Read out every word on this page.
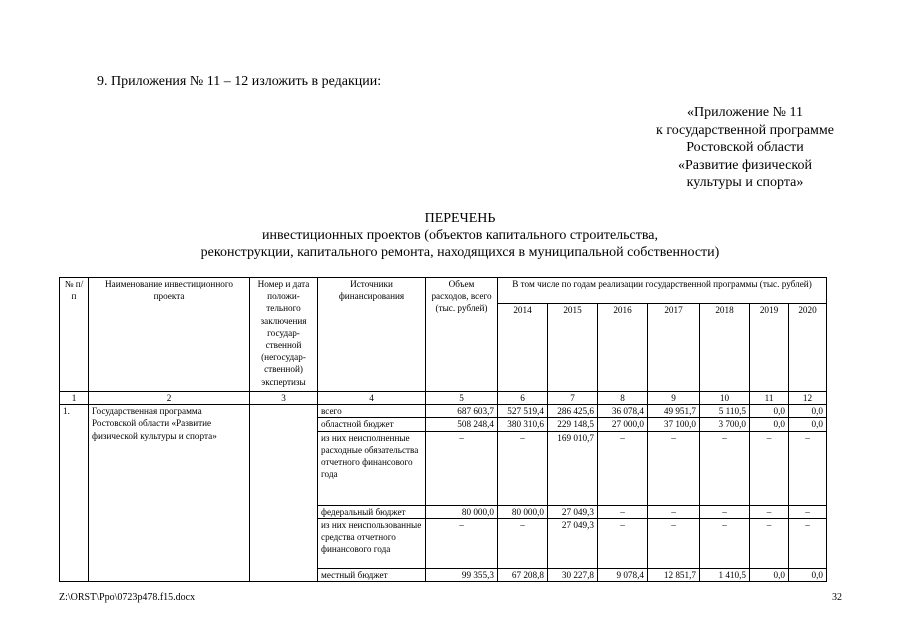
9. Приложения № 11 – 12 изложить в редакции:
«Приложение № 11
к государственной программе
Ростовской области
«Развитие физической
культуры и спорта»
ПЕРЕЧЕНЬ
инвестиционных проектов (объектов капитального строительства,
реконструкции, капитального ремонта, находящихся в муниципальной собственности)
№ п/п	Наименование инвестиционного проекта	Номер и дата положи-тельного заключения государ-ственной (негосудар-ственной) экспертизы	Источники финансирования	Объем расходов, всего (тыс. рублей)	В том числе по годам реализации государственной программы (тыс. рублей)						
					2014	2015	2016	2017	2018	2019	2020
1	2	3	4	5	6	7	8	9	10	11	12
1.	Государственная программа Ростовской области «Развитие физической культуры и спорта»		всего	687 603,7	527 519,4	286 425,6	36 078,4	49 951,7	5 110,5	0,0	0,0
			областной бюджет	508 248,4	380 310,6	229 148,5	27 000,0	37 100,0	3 700,0	0,0	0,0
			из них неисполненные расходные обязательства отчетного финансового года	–	–	169 010,7	–	–	–	–	–
			федеральный бюджет	80 000,0	80 000,0	27 049,3	–	–	–	–	–
			из них неиспользованные средства отчетного финансового года	–	–	27 049,3	–	–	–	–	–
			местный бюджет	99 355,3	67 208,8	30 227,8	9 078,4	12 851,7	1 410,5	0,0	0,0
Z:\ORST\Ppo\0723p478.f15.docx	32
